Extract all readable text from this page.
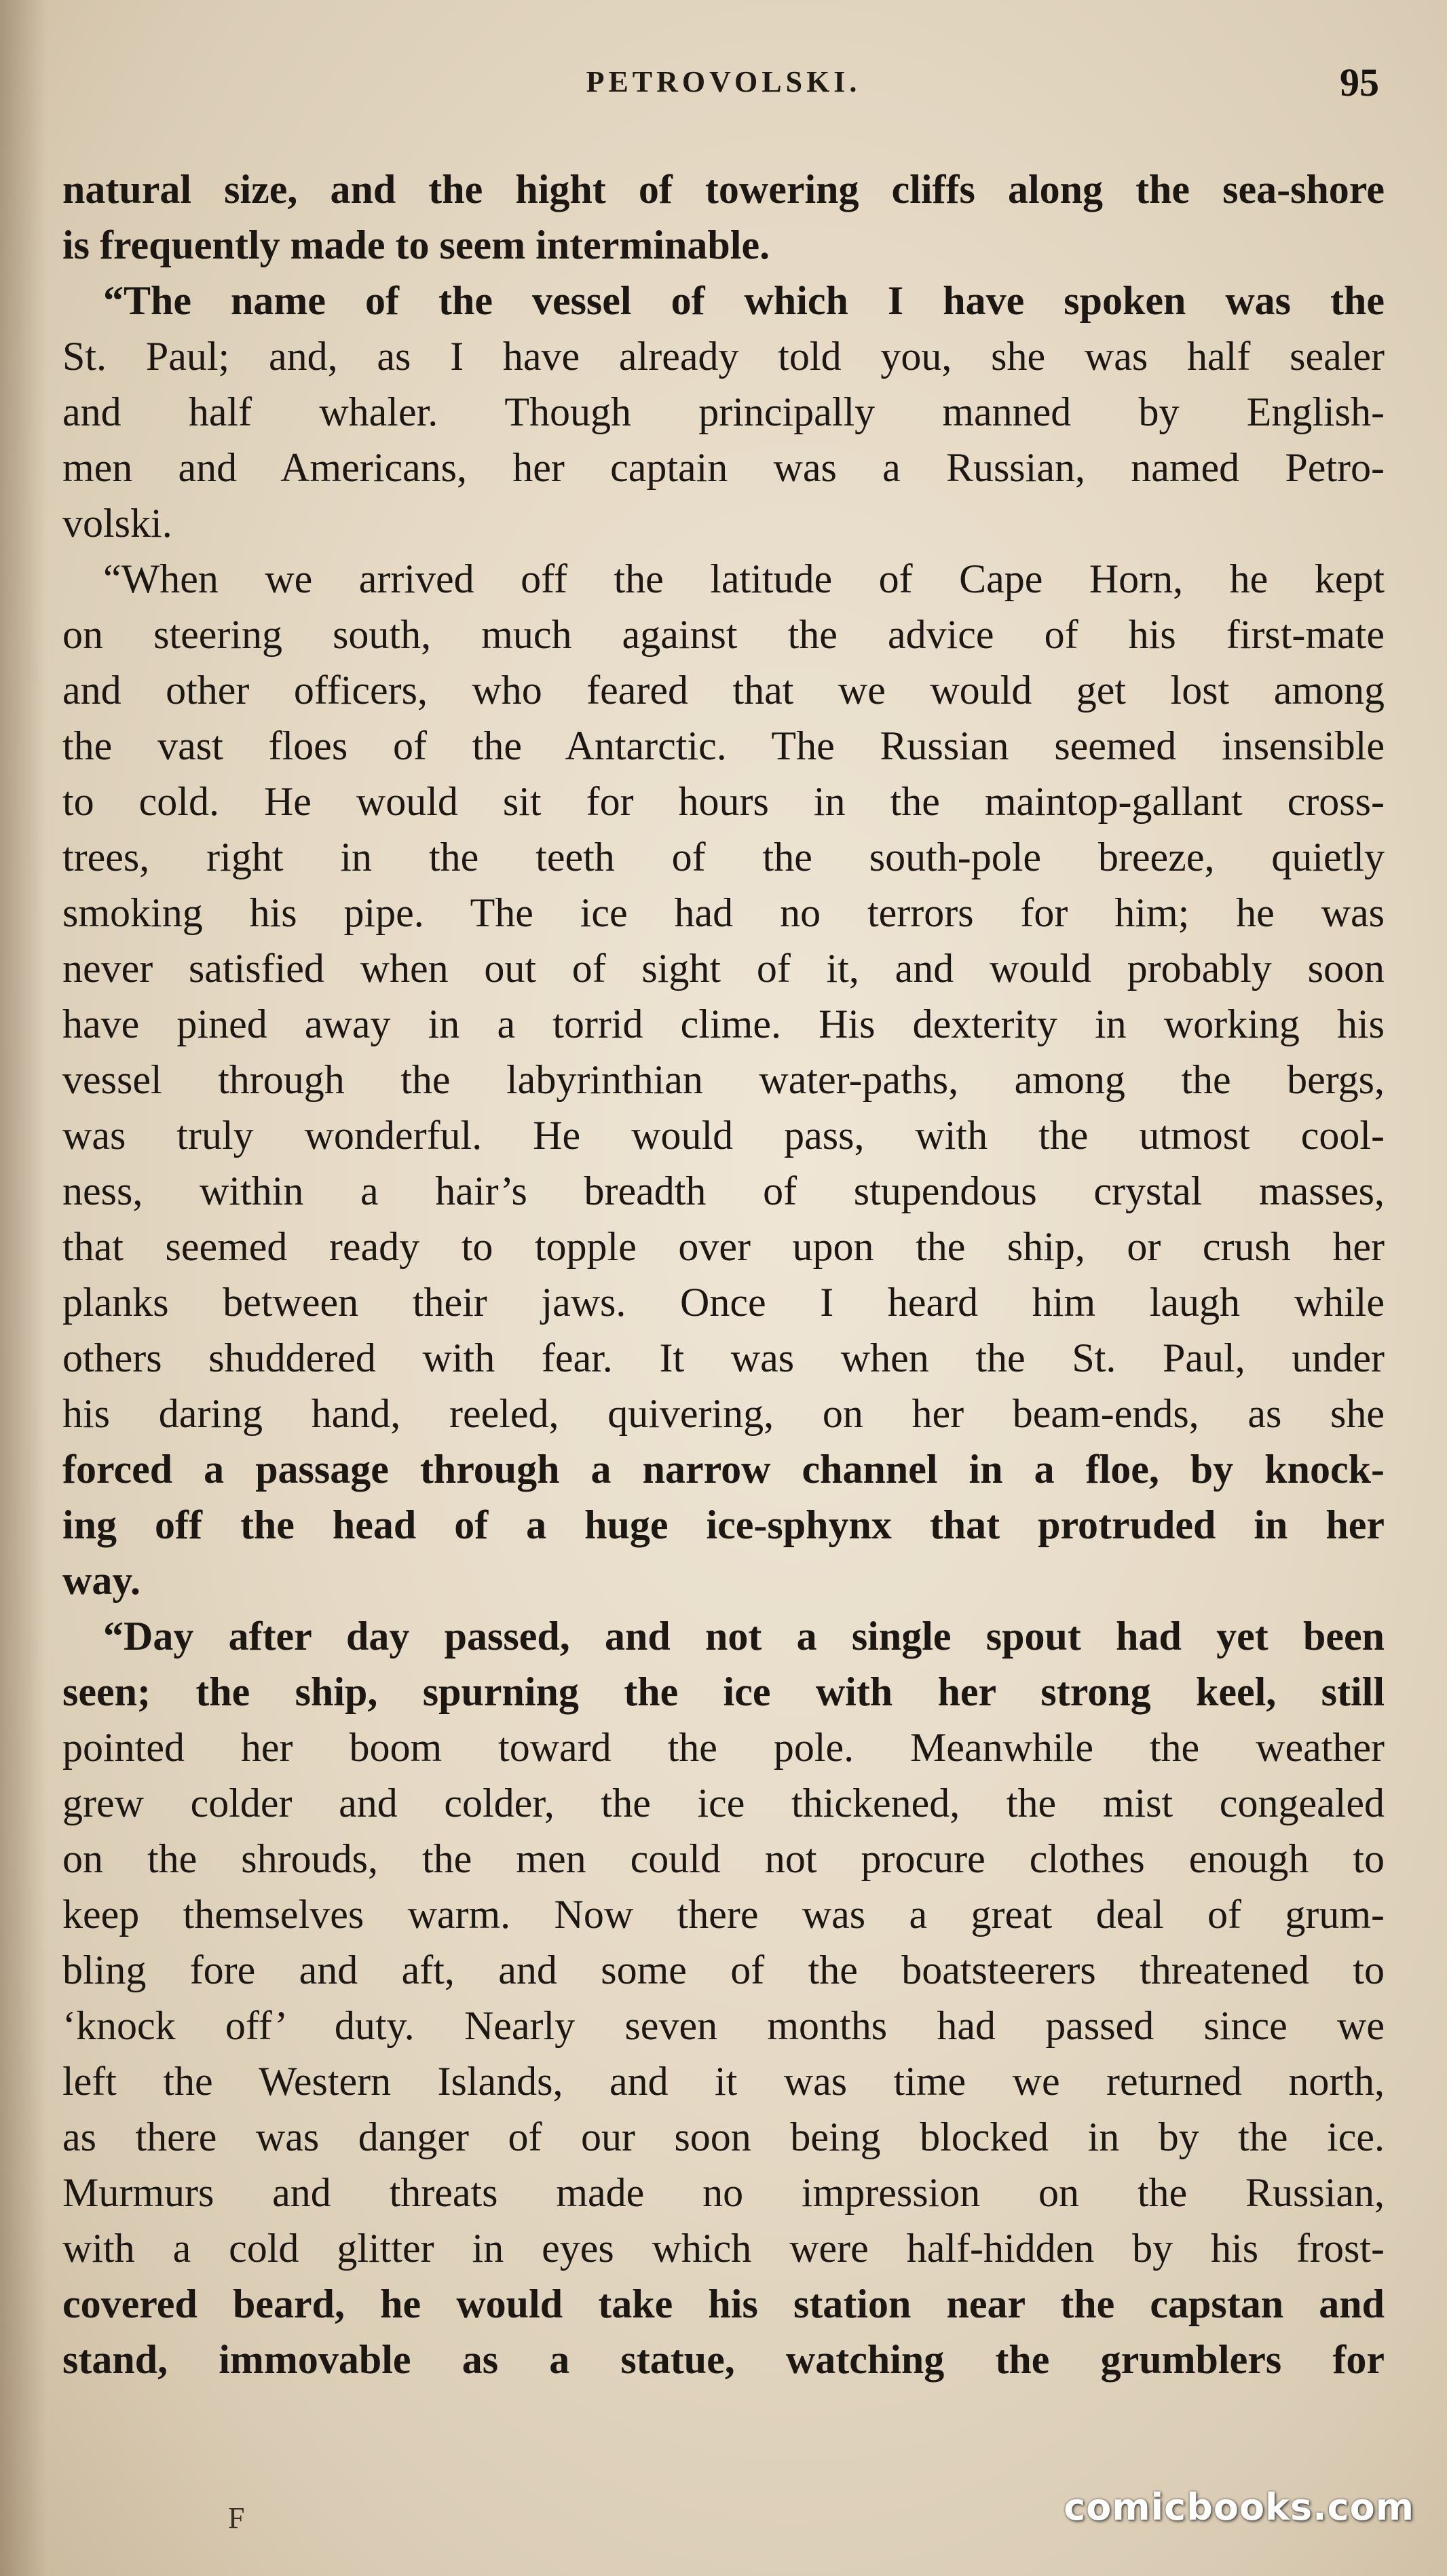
PETROVOLSKI.	95
natural size, and the hight of towering cliffs along the sea-shore
is frequently made to seem interminable.
“The name of the vessel of which I have spoken was the
St. Paul; and, as I have already told you, she was half sealer
and half whaler. Though principally manned by English-
men and Americans, her captain was a Russian, named Petro-
volski.
“When we arrived off the latitude of Cape Horn, he kept
on steering south, much against the advice of his first-mate
and other officers, who feared that we would get lost among
the vast floes of the Antarctic. The Russian seemed insensible
to cold. He would sit for hours in the maintop-gallant cross-
trees, right in the teeth of the south-pole breeze, quietly
smoking his pipe. The ice had no terrors for him; he was
never satisfied when out of sight of it, and would probably soon
have pined away in a torrid clime. His dexterity in working his
vessel through the labyrinthian water-paths, among the bergs,
was truly wonderful. He would pass, with the utmost cool-
ness, within a hair’s breadth of stupendous crystal masses,
that seemed ready to topple over upon the ship, or crush her
planks between their jaws. Once I heard him laugh while
others shuddered with fear. It was when the St. Paul, under
his daring hand, reeled, quivering, on her beam-ends, as she
forced a passage through a narrow channel in a floe, by knock-
ing off the head of a huge ice-sphynx that protruded in her
way.
“Day after day passed, and not a single spout had yet been
seen; the ship, spurning the ice with her strong keel, still
pointed her boom toward the pole. Meanwhile the weather
grew colder and colder, the ice thickened, the mist congealed
on the shrouds, the men could not procure clothes enough to
keep themselves warm. Now there was a great deal of grum-
bling fore and aft, and some of the boatsteerers threatened to
‘knock off’ duty. Nearly seven months had passed since we
left the Western Islands, and it was time we returned north,
as there was danger of our soon being blocked in by the ice.
Murmurs and threats made no impression on the Russian,
with a cold glitter in eyes which were half-hidden by his frost-
covered beard, he would take his station near the capstan and
stand, immovable as a statue, watching the grumblers for
F	comicbooks.com
